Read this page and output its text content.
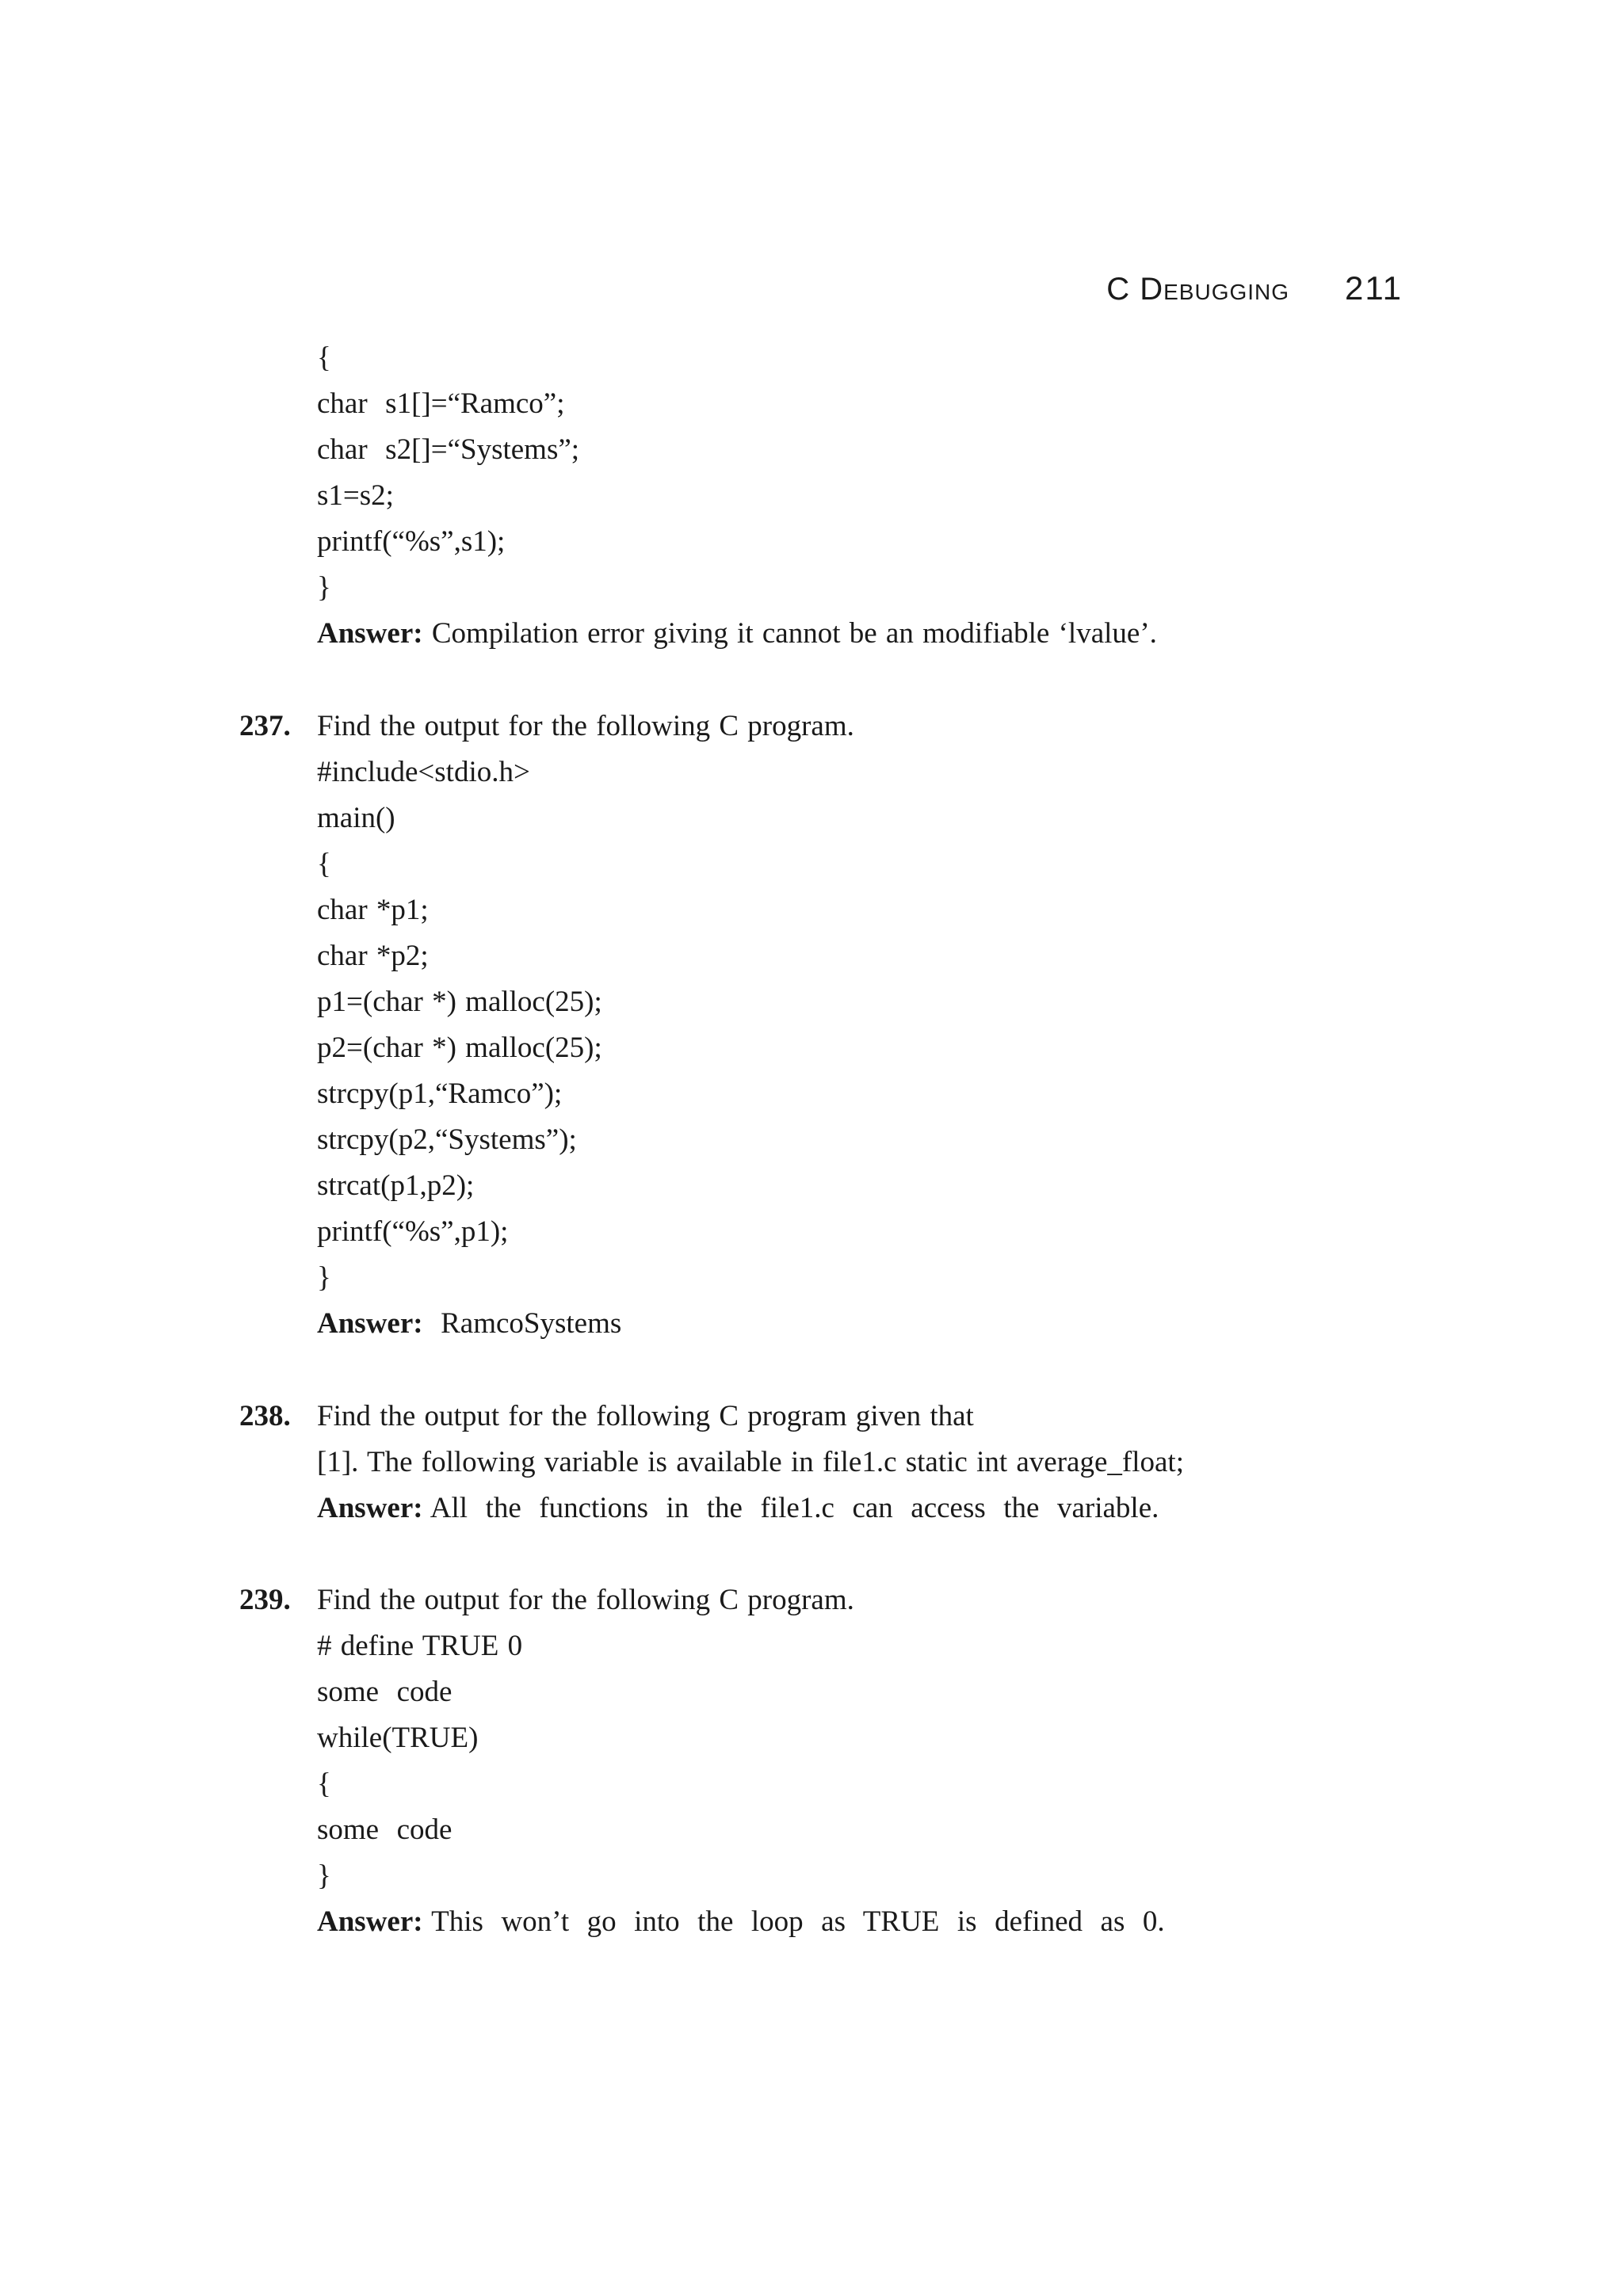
C Debugging 211
{
char  s1[]=“Ramco”;
char  s2[]=“Systems”;
s1=s2;
printf(“%s”,s1);
}
Answer: Compilation error giving it cannot be an modifiable ‘lvalue’.
237. Find the output for the following C program.
#include<stdio.h>
main()
{
char *p1;
char *p2;
p1=(char *) malloc(25);
p2=(char *) malloc(25);
strcpy(p1,“Ramco”);
strcpy(p2,“Systems”);
strcat(p1,p2);
printf(“%s”,p1);
}
Answer:  RamcoSystems
238. Find the output for the following C program given that
[1]. The following variable is available in file1.c static int average_float;
Answer: All  the  functions  in  the  file1.c  can  access  the  variable.
239. Find the output for the following C program.
# define TRUE 0
some  code
while(TRUE)
{
some  code
}
Answer: This  won’t  go  into  the  loop  as  TRUE  is  defined  as  0.
